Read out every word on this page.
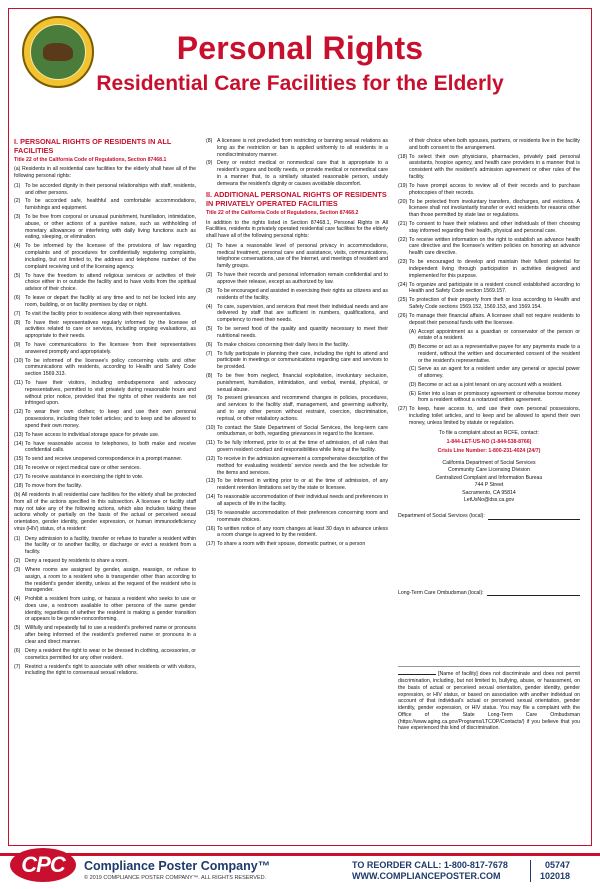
Personal Rights
Residential Care Facilities for the Elderly
I. PERSONAL RIGHTS OF RESIDENTS IN ALL FACILITIES
Title 22 of the California Code of Regulations, Section 87468.1
(a) Residents in all residential care facilities for the elderly shall have all of the following personal rights:
(1) To be accorded dignity in their personal relationships with staff, residents, and other persons.
(2) To be accorded safe, healthful and comfortable accommodations, furnishings and equipment.
(3) To be free from corporal or unusual punishment, humiliation, intimidation, abuse, or other actions of a punitive nature, such as withholding of monetary allowances or interfering with daily living functions such as eating, sleeping, or elimination.
(4) To be informed by the licensee of the provisions of law regarding complaints and of procedures for confidentially registering complaints, including, but not limited to, the address and telephone number of the complaint receiving unit of the licensing agency.
(5) To have the freedom to attend religious services or activities of their choice either in or outside the facility and to have visits from the spiritual advisor of their choice.
(6) To leave or depart the facility at any time and to not be locked into any room, building, or on facility premises by day or night.
(7) To visit the facility prior to residence along with their representatives.
(8) To have their representatives regularly informed by the licensee of activities related to care or services, including ongoing evaluations, as appropriate to their needs.
(9) To have communications to the licensee from their representatives answered promptly and appropriately.
(10) To be informed of the licensee's policy concerning visits and other communications with residents, according to Health and Safety Code section 1569.313.
(11) To have their visitors, including ombudspersons and advocacy representatives, permitted to visit privately during reasonable hours and without prior notice, provided that the rights of other residents are not infringed upon.
(12) To wear their own clothes; to keep and use their own personal possessions, including their toilet articles; and to keep and be allowed to spend their own money.
(13) To have access to individual storage space for private use.
(14) To have reasonable access to telephones, to both make and receive confidential calls.
(15) To send and receive unopened correspondence in a prompt manner.
(16) To receive or reject medical care or other services.
(17) To receive assistance in exercising the right to vote.
(18) To move from the facility.
(b) All residents in all residential care facilities for the elderly shall be protected from all of the actions specified in this subsection. A licensee or facility staff may not take any of the following actions, which also includes taking these actions wholly or partially on the basis of the actual or perceived sexual orientation, gender identity, gender expression, or human immunodeficiency virus (HIV) status, of a resident:
(1) Deny admission to a facility, transfer or refuse to transfer a resident within the facility or to another facility, or discharge or evict a resident from a facility.
(2) Deny a request by residents to share a room.
(3) Where rooms are assigned by gender, assign, reassign, or refuse to assign, a room to a resident who is transgender other than according to the resident's gender identity, unless at the request of the resident who is transgender.
(4) Prohibit a resident from using, or harass a resident who seeks to use or does use, a restroom available to other persons of the same gender identity, regardless of whether the resident is making a gender transition or appears to be gender-nonconforming.
(5) Willfully and repeatedly fail to use a resident's preferred name or pronouns after being informed of the resident's preferred name or pronouns in a clear and direct manner.
(6) Deny a resident the right to wear or be dressed in clothing, accessories, or cosmetics permitted for any other resident.
(7) Restrict a resident's right to associate with other residents or with visitors, including the right to consensual sexual relations.
(8) A licensee is not precluded from restricting or banning sexual relations as long as the restriction or ban is applied uniformly to all residents in a nondiscriminatory manner.
(9) Deny or restrict medical or nonmedical care that is appropriate to a resident's organs and bodily needs, or provide medical or nonmedical care in a manner that, to a similarly situated reasonable person, unduly demeans the resident's dignity or causes avoidable discomfort.
II. ADDITIONAL PERSONAL RIGHTS OF RESIDENTS IN PRIVATELY OPERATED FACILITIES
Title 22 of the California Code of Regulations, Section 87468.2
In addition to the rights listed in Section 87468.1, Personal Rights in All Facilities, residents in privately operated residential care facilities for the elderly shall have all of the following personal rights:
(1) To have a reasonable level of personal privacy in accommodations, medical treatment, personal care and assistance, visits, communications, telephone conversations, use of the Internet, and meetings of resident and family groups.
(2) To have their records and personal information remain confidential and to approve their release, except as authorized by law.
(3) To be encouraged and assisted in exercising their rights as citizens and as residents of the facility.
(4) To care, supervision, and services that meet their individual needs and are delivered by staff that are sufficient in numbers, qualifications, and competency to meet their needs.
(5) To be served food of the quality and quantity necessary to meet their nutritional needs.
(6) To make choices concerning their daily lives in the facility.
(7) To fully participate in planning their care, including the right to attend and participate in meetings or communications regarding care and services to be provided.
(8) To be free from neglect, financial exploitation, involuntary seclusion, punishment, humiliation, intimidation, and verbal, mental, physical, or sexual abuse.
(9) To present grievances and recommend changes in policies, procedures, and services to the facility staff, management, and governing authority, and to any other person without restraint, coercion, discrimination, reprisal, or other retaliatory actions.
(10) To contact the State Department of Social Services, the long-term care ombudsman, or both, regarding grievances in regard to the licensee.
(11) To be fully informed, prior to or at the time of admission, of all rules that govern resident conduct and responsibilities while living at the facility.
(12) To receive in the admission agreement a comprehensive description of the method for evaluating residents' service needs and the fee schedule for the items and services.
(13) To be informed in writing prior to or at the time of admission, of any resident retention limitations set by the state or licensee.
(14) To reasonable accommodation of their individual needs and preferences in all aspects of life in the facility.
(15) To reasonable accommodation of their preferences concerning room and roommate choices.
(16) To written notice of any room changes at least 30 days in advance unless a room change is agreed to by the resident.
(17) To share a room with their spouse, domestic partner, or a person
of their choice when both spouses, partners, or residents live in the facility and both consent to the arrangement.
(18) To select their own physicians, pharmacies, privately paid personal assistants, hospice agency, and health care providers in a manner that is consistent with the resident's admission agreement or other rules of the facility.
(19) To have prompt access to review all of their records and to purchase photocopies of their records.
(20) To be protected from involuntary transfers, discharges, and evictions. A licensee shall not involuntarily transfer or evict residents for reasons other than those permitted by state law or regulations.
(21) To consent to have their relatives and other individuals of their choosing stay informed regarding their health, physical and personal care.
(22) To receive written information on the right to establish an advance health care directive and the licensee's written policies on honoring an advance health care directive.
(23) To be encouraged to develop and maintain their fullest potential for independent living through participation in activities designed and implemented for this purpose.
(24) To organize and participate in a resident council established according to Health and Safety Code section 1569.157.
(25) To protection of their property from theft or loss according to Health and Safety Code sections 1569.152, 1569.153, and 1569.154.
(26) To manage their financial affairs. A licensee shall not require residents to deposit their personal funds with the licensee.
(A) Accept appointment as a guardian or conservator of the person or estate of a resident.
(B) Become or act as a representative payee for any payments made to a resident, without the written and documented consent of the resident or the resident's representative.
(C) Serve as an agent for a resident under any general or special power of attorney.
(D) Become or act as a joint tenant on any account with a resident.
(E) Enter into a loan or promissory agreement or otherwise borrow money from a resident without a notarized written agreement.
(27) To keep, have access to, and use their own personal possessions, including toilet articles, and to keep and be allowed to spend their own money, unless limited by statute or regulation.

To file a complaint about an RCFE, contact:

1-844-LET-US-NO (1-844-538-8766)

Crisis Line Number: 1-800-231-4024 (24/7)

California Department of Social Services
Community Care Licensing Division
Centralized Complaint and Information Bureau
744 P Street
Sacramento, CA 95814
LetUsNo@dss.ca.gov
Department of Social Services (local):
Long-Term Care Ombudsman (local):
[Name of facility] does not discriminate and does not permit discrimination, including, but not limited to, bullying, abuse, or harassment, on the basis of actual or perceived sexual orientation, gender identity, gender expression, or HIV status, or based on association with another individual on account of that individual's actual or perceived sexual orientation, gender identity, gender expression, or HIV status. You may file a complaint with the Office of the State Long-Term Care Ombudsman (https://www.aging.ca.gov/Programs/LTCOP/Contacts/) if you believe that you have experienced this kind of discrimination.
CPC	Compliance Poster Company™
© 2019 COMPLIANCE POSTER COMPANY™. ALL RIGHTS RESERVED.
TO REORDER CALL: 1-800-817-7678
WWW.COMPLIANCEPOSTER.COM
05747
102018
